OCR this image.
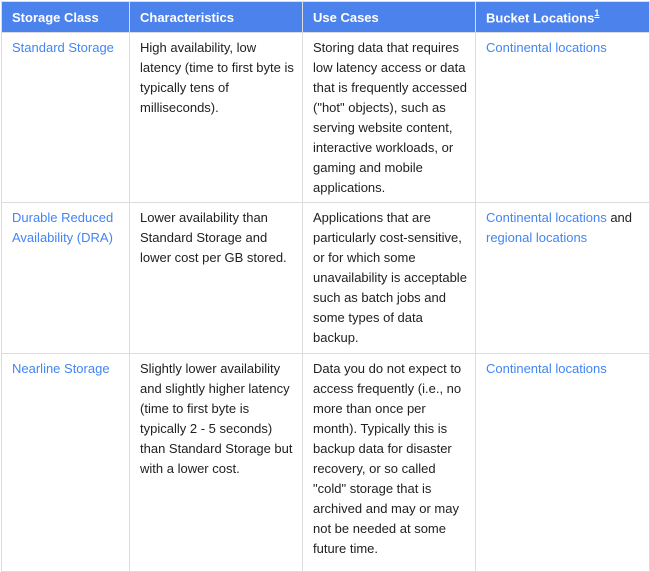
Storage Class	Characteristics	Use Cases	Bucket Locations$^1$
Standard Storage	High availability, low latency (time to first byte is typically tens of milliseconds).	Storing data that requires low latency access or data that is frequently accessed ("hot" objects), such as serving website content, interactive workloads, or gaming and mobile applications.	Continental locations
Durable Reduced Availability (DRA)	Lower availability than Standard Storage and lower cost per GB stored.	Applications that are particularly cost-sensitive, or for which some unavailability is acceptable such as batch jobs and some types of data backup.	Continental locations and regional locations
Nearline Storage	Slightly lower availability and slightly higher latency (time to first byte is typically 2 - 5 seconds) than Standard Storage but with a lower cost.	Data you do not expect to access frequently (i.e., no more than once per month). Typically this is backup data for disaster recovery, or so called "cold" storage that is archived and may or may not be needed at some future time.	Continental locations
